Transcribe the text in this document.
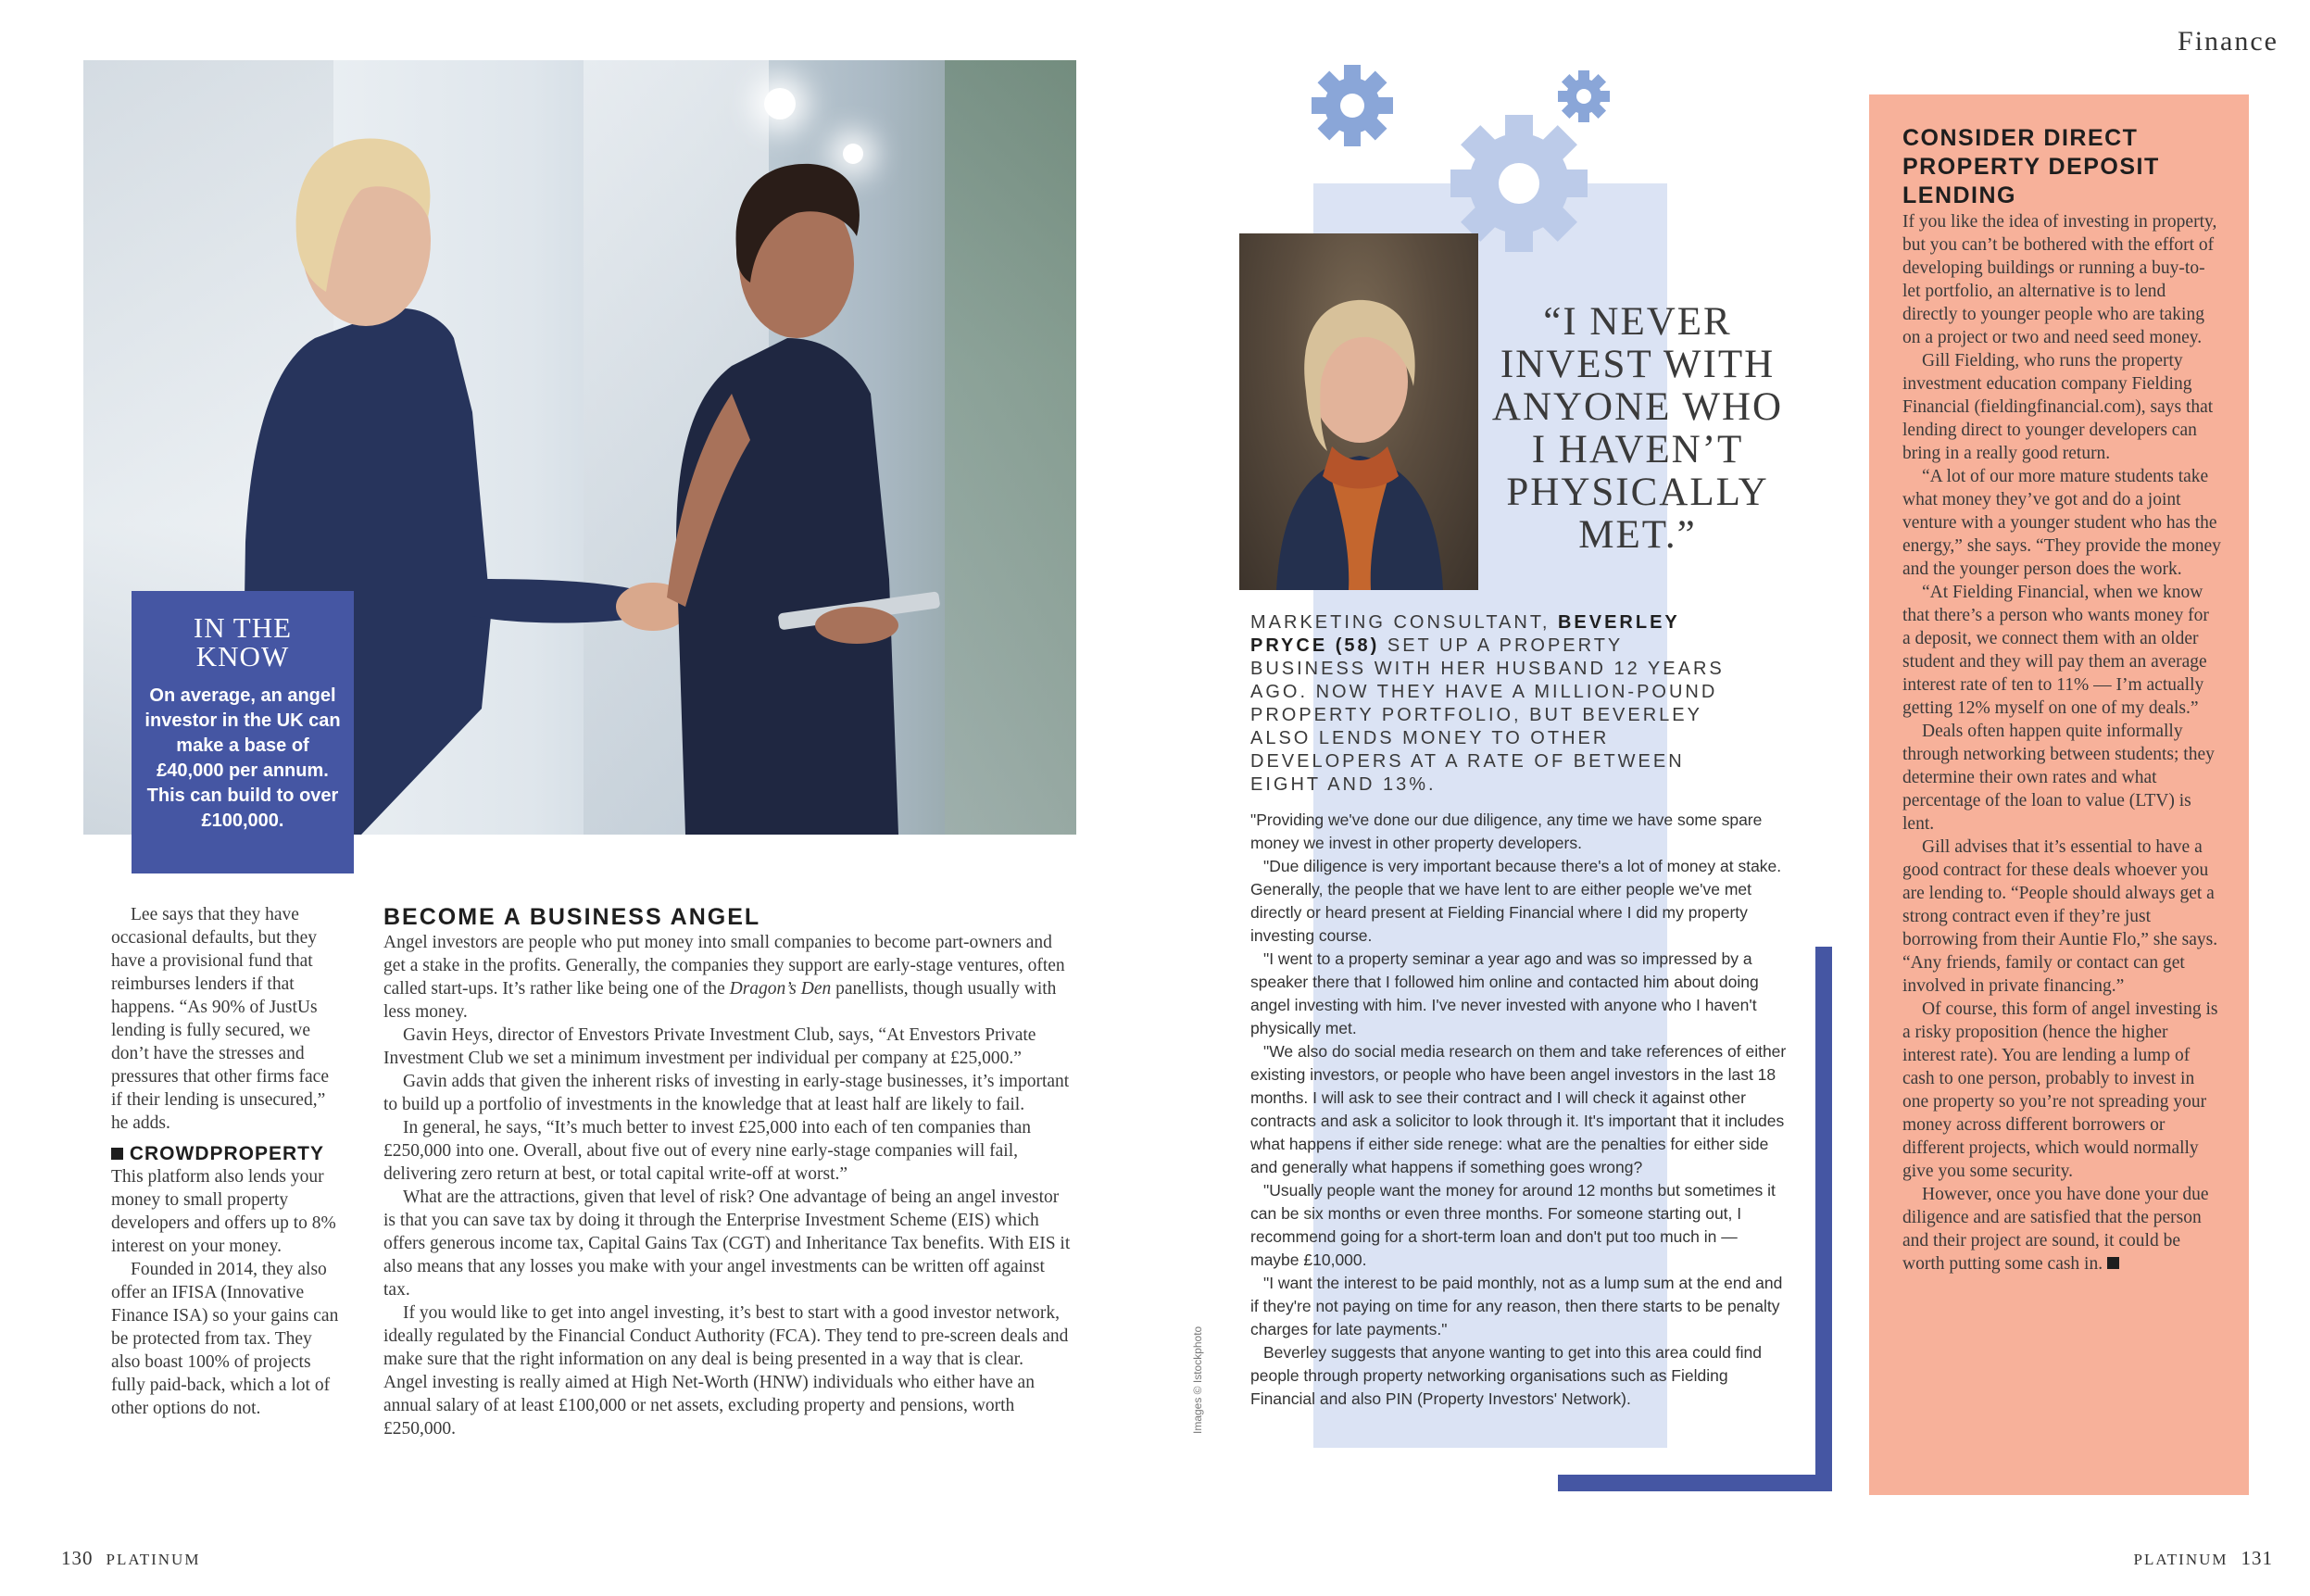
Finance
IN THE
KNOW
On average, an angel investor in the UK can make a base of £40,000 per annum. This can build to over £100,000.

Lee says that they have occasional defaults, but they have a provisional fund that reimburses lenders if that happens. “As 90% of JustUs lending is fully secured, we don’t have the stresses and pressures that other firms face if their lending is unsecured,” he adds.

CROWDPROPERTY

This platform also lends your money to small property developers and offers up to 8% interest on your money.

Founded in 2014, they also offer an IFISA (Innovative Finance ISA) so your gains can be protected from tax. They also boast 100% of projects fully paid-back, which a lot of other options do not.

BECOME A BUSINESS ANGEL

Angel investors are people who put money into small companies to become part-owners and get a stake in the profits. Generally, the companies they support are early-stage ventures, often called start-ups. It’s rather like being one of the Dragon’s Den panellists, though usually with less money.

Gavin Heys, director of Envestors Private Investment Club, says, “At Envestors Private Investment Club we set a minimum investment per individual per company at £25,000.”

Gavin adds that given the inherent risks of investing in early-stage businesses, it’s important to build up a portfolio of investments in the knowledge that at least half are likely to fail.

In general, he says, “It’s much better to invest £25,000 into each of ten companies than £250,000 into one. Overall, about five out of every nine early-stage companies will fail, delivering zero return at best, or total capital write-off at worst.”

What are the attractions, given that level of risk? One advantage of being an angel investor is that you can save tax by doing it through the Enterprise Investment Scheme (EIS) which offers generous income tax, Capital Gains Tax (CGT) and Inheritance Tax benefits. With EIS it also means that any losses you make with your angel investments can be written off against tax.

If you would like to get into angel investing, it’s best to start with a good investor network, ideally regulated by the Financial Conduct Authority (FCA). They tend to pre-screen deals and make sure that the right information on any deal is being presented in a way that is clear. Angel investing is really aimed at High Net-Worth (HNW) individuals who either have an annual salary of at least £100,000 or net assets, excluding property and pensions, worth £250,000.

130 PLATINUM
“I NEVER INVEST WITH ANYONE WHO I HAVEN’T PHYSICALLY MET.”
MARKETING CONSULTANT, BEVERLEY PRYCE (58) SET UP A PROPERTY BUSINESS WITH HER HUSBAND 12 YEARS AGO. NOW THEY HAVE A MILLION-POUND PROPERTY PORTFOLIO, BUT BEVERLEY ALSO LENDS MONEY TO OTHER DEVELOPERS AT A RATE OF BETWEEN EIGHT AND 13%.

"Providing we've done our due diligence, any time we have some spare money we invest in other property developers.

"Due diligence is very important because there's a lot of money at stake. Generally, the people that we have lent to are either people we've met directly or heard present at Fielding Financial where I did my property investing course.

"I went to a property seminar a year ago and was so impressed by a speaker there that I followed him online and contacted him about doing angel investing with him. I've never invested with anyone who I haven't physically met.

"We also do social media research on them and take references of either existing investors, or people who have been angel investors in the last 18 months. I will ask to see their contract and I will check it against other contracts and ask a solicitor to look through it. It's important that it includes what happens if either side renege: what are the penalties for either side and generally what happens if something goes wrong?

"Usually people want the money for around 12 months but sometimes it can be six months or even three months. For someone starting out, I recommend going for a short-term loan and don't put too much in — maybe £10,000.

"I want the interest to be paid monthly, not as a lump sum at the end and if they're not paying on time for any reason, then there starts to be penalty charges for late payments."

Beverley suggests that anyone wanting to get into this area could find people through property networking organisations such as Fielding Financial and also PIN (Property Investors' Network).

Images © Istockphoto
CONSIDER DIRECT PROPERTY DEPOSIT LENDING

If you like the idea of investing in property, but you can’t be bothered with the effort of developing buildings or running a buy-to-let portfolio, an alternative is to lend directly to younger people who are taking on a project or two and need seed money.

Gill Fielding, who runs the property investment education company Fielding Financial (fieldingfinancial.com), says that lending direct to younger developers can bring in a really good return.

“A lot of our more mature students take what money they’ve got and do a joint venture with a younger student who has the energy,” she says. “They provide the money and the younger person does the work.

“At Fielding Financial, when we know that there’s a person who wants money for a deposit, we connect them with an older student and they will pay them an average interest rate of ten to 11% — I’m actually getting 12% myself on one of my deals.”

Deals often happen quite informally through networking between students; they determine their own rates and what percentage of the loan to value (LTV) is lent.

Gill advises that it’s essential to have a good contract for these deals whoever you are lending to. “People should always get a strong contract even if they’re just borrowing from their Auntie Flo,” she says. “Any friends, family or contact can get involved in private financing.”

Of course, this form of angel investing is a risky proposition (hence the higher interest rate). You are lending a lump of cash to one person, probably to invest in one property so you’re not spreading your money across different borrowers or different projects, which would normally give you some security.

However, once you have done your due diligence and are satisfied that the person and their project are sound, it could be worth putting some cash in.

PLATINUM 131
